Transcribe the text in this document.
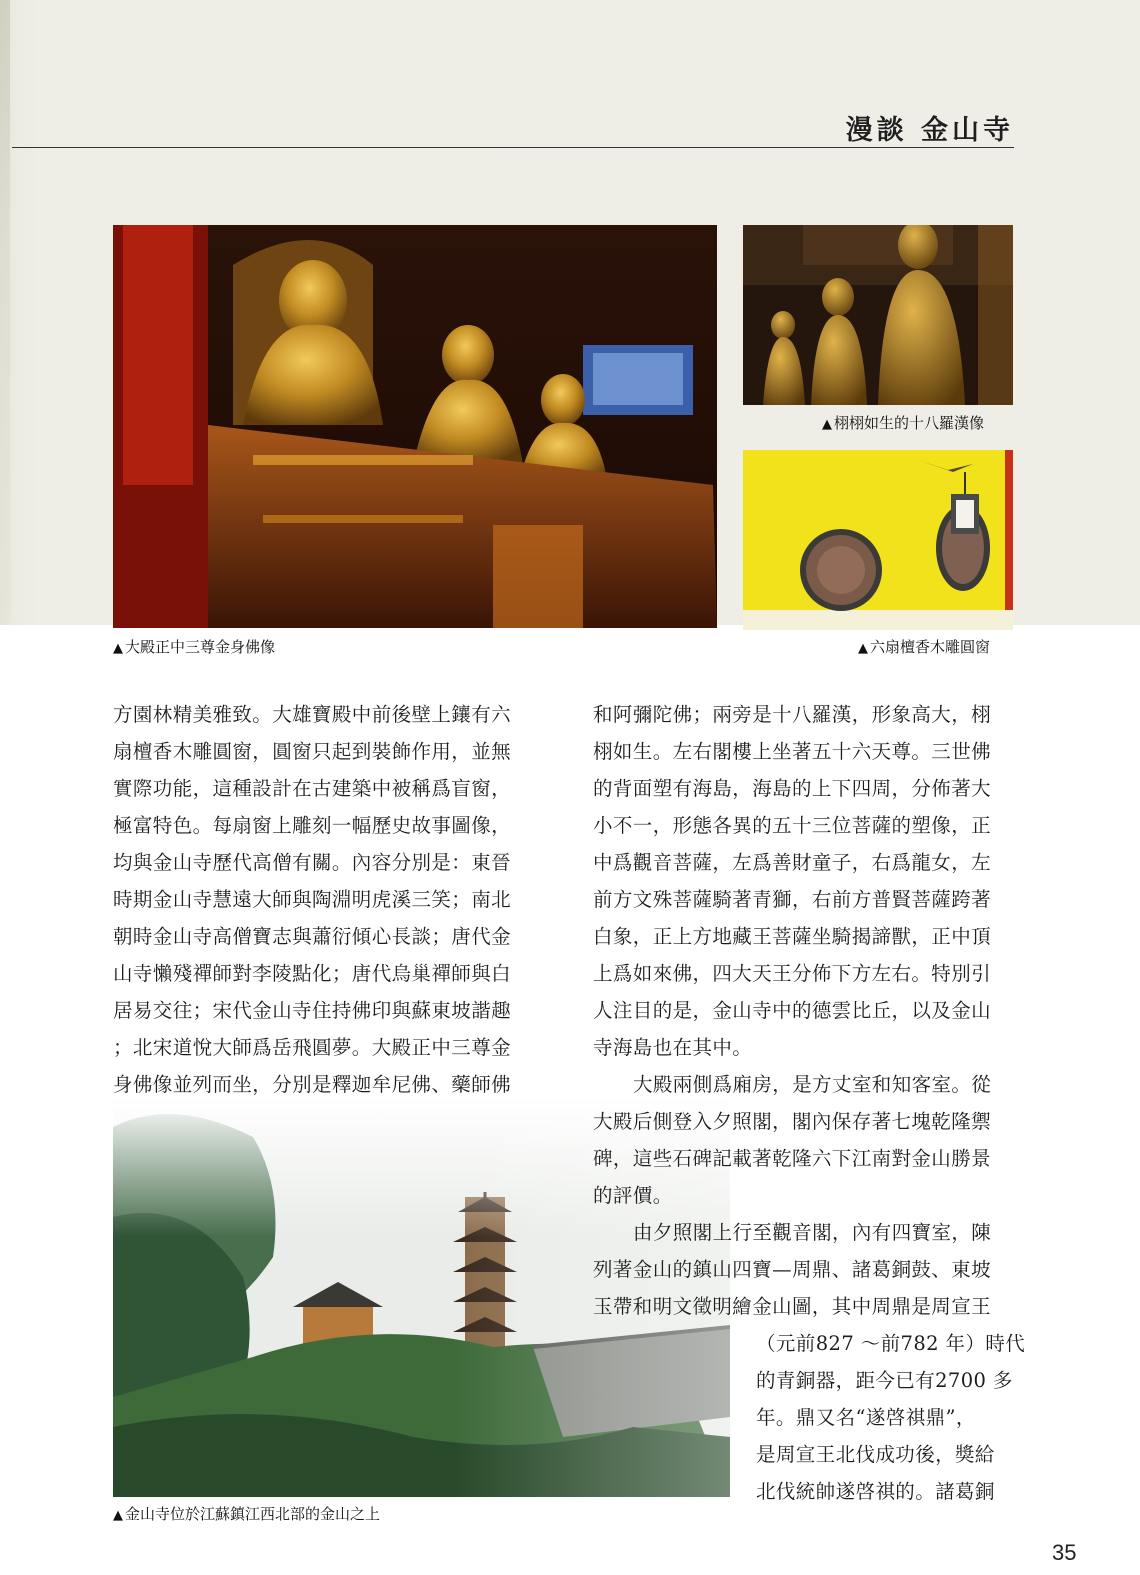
漫談 金山寺
▲ 大殿正中三尊金身佛像
▲ 栩栩如生的十八羅漢像
▲ 六扇檀香木雕圓窗
方園林精美雅致。大雄寶殿中前後壁上鑲有六
扇檀香木雕圓窗，圓窗只起到裝飾作用，並無
實際功能，這種設計在古建築中被稱爲盲窗，
極富特色。每扇窗上雕刻一幅歷史故事圖像，
均與金山寺歷代高僧有關。內容分別是：東晉
時期金山寺慧遠大師與陶淵明虎溪三笑；南北
朝時金山寺高僧寶志與蕭衍傾心長談；唐代金
山寺懶殘禪師對李陵點化；唐代烏巢禪師與白
居易交往；宋代金山寺住持佛印與蘇東坡諧趣
；北宋道悅大師爲岳飛圓夢。大殿正中三尊金
身佛像並列而坐，分別是釋迦牟尼佛、藥師佛
▲ 金山寺位於江蘇鎮江西北部的金山之上
和阿彌陀佛；兩旁是十八羅漢，形象高大，栩
栩如生。左右閣樓上坐著五十六天尊。三世佛
的背面塑有海島，海島的上下四周，分佈著大
小不一，形態各異的五十三位菩薩的塑像，正
中爲觀音菩薩，左爲善財童子，右爲龍女，左
前方文殊菩薩騎著青獅，右前方普賢菩薩跨著
白象，正上方地藏王菩薩坐騎揭諦獸，正中頂
上爲如來佛，四大天王分佈下方左右。特別引
人注目的是，金山寺中的德雲比丘，以及金山
寺海島也在其中。
大殿兩側爲廂房，是方丈室和知客室。從
大殿后側登入夕照閣，閣內保存著七塊乾隆禦
碑，這些石碑記載著乾隆六下江南對金山勝景
的評價。
由夕照閣上行至觀音閣，內有四寶室，陳
列著金山的鎮山四寶—周鼎、諸葛銅鼓、東坡
玉帶和明文徵明繪金山圖，其中周鼎是周宣王
（元前827 ～前782 年）時代
的青銅器，距今已有2700 多
年。鼎又名“遂啓祺鼎”，
是周宣王北伐成功後，獎給
北伐統帥遂啓祺的。諸葛銅
35
